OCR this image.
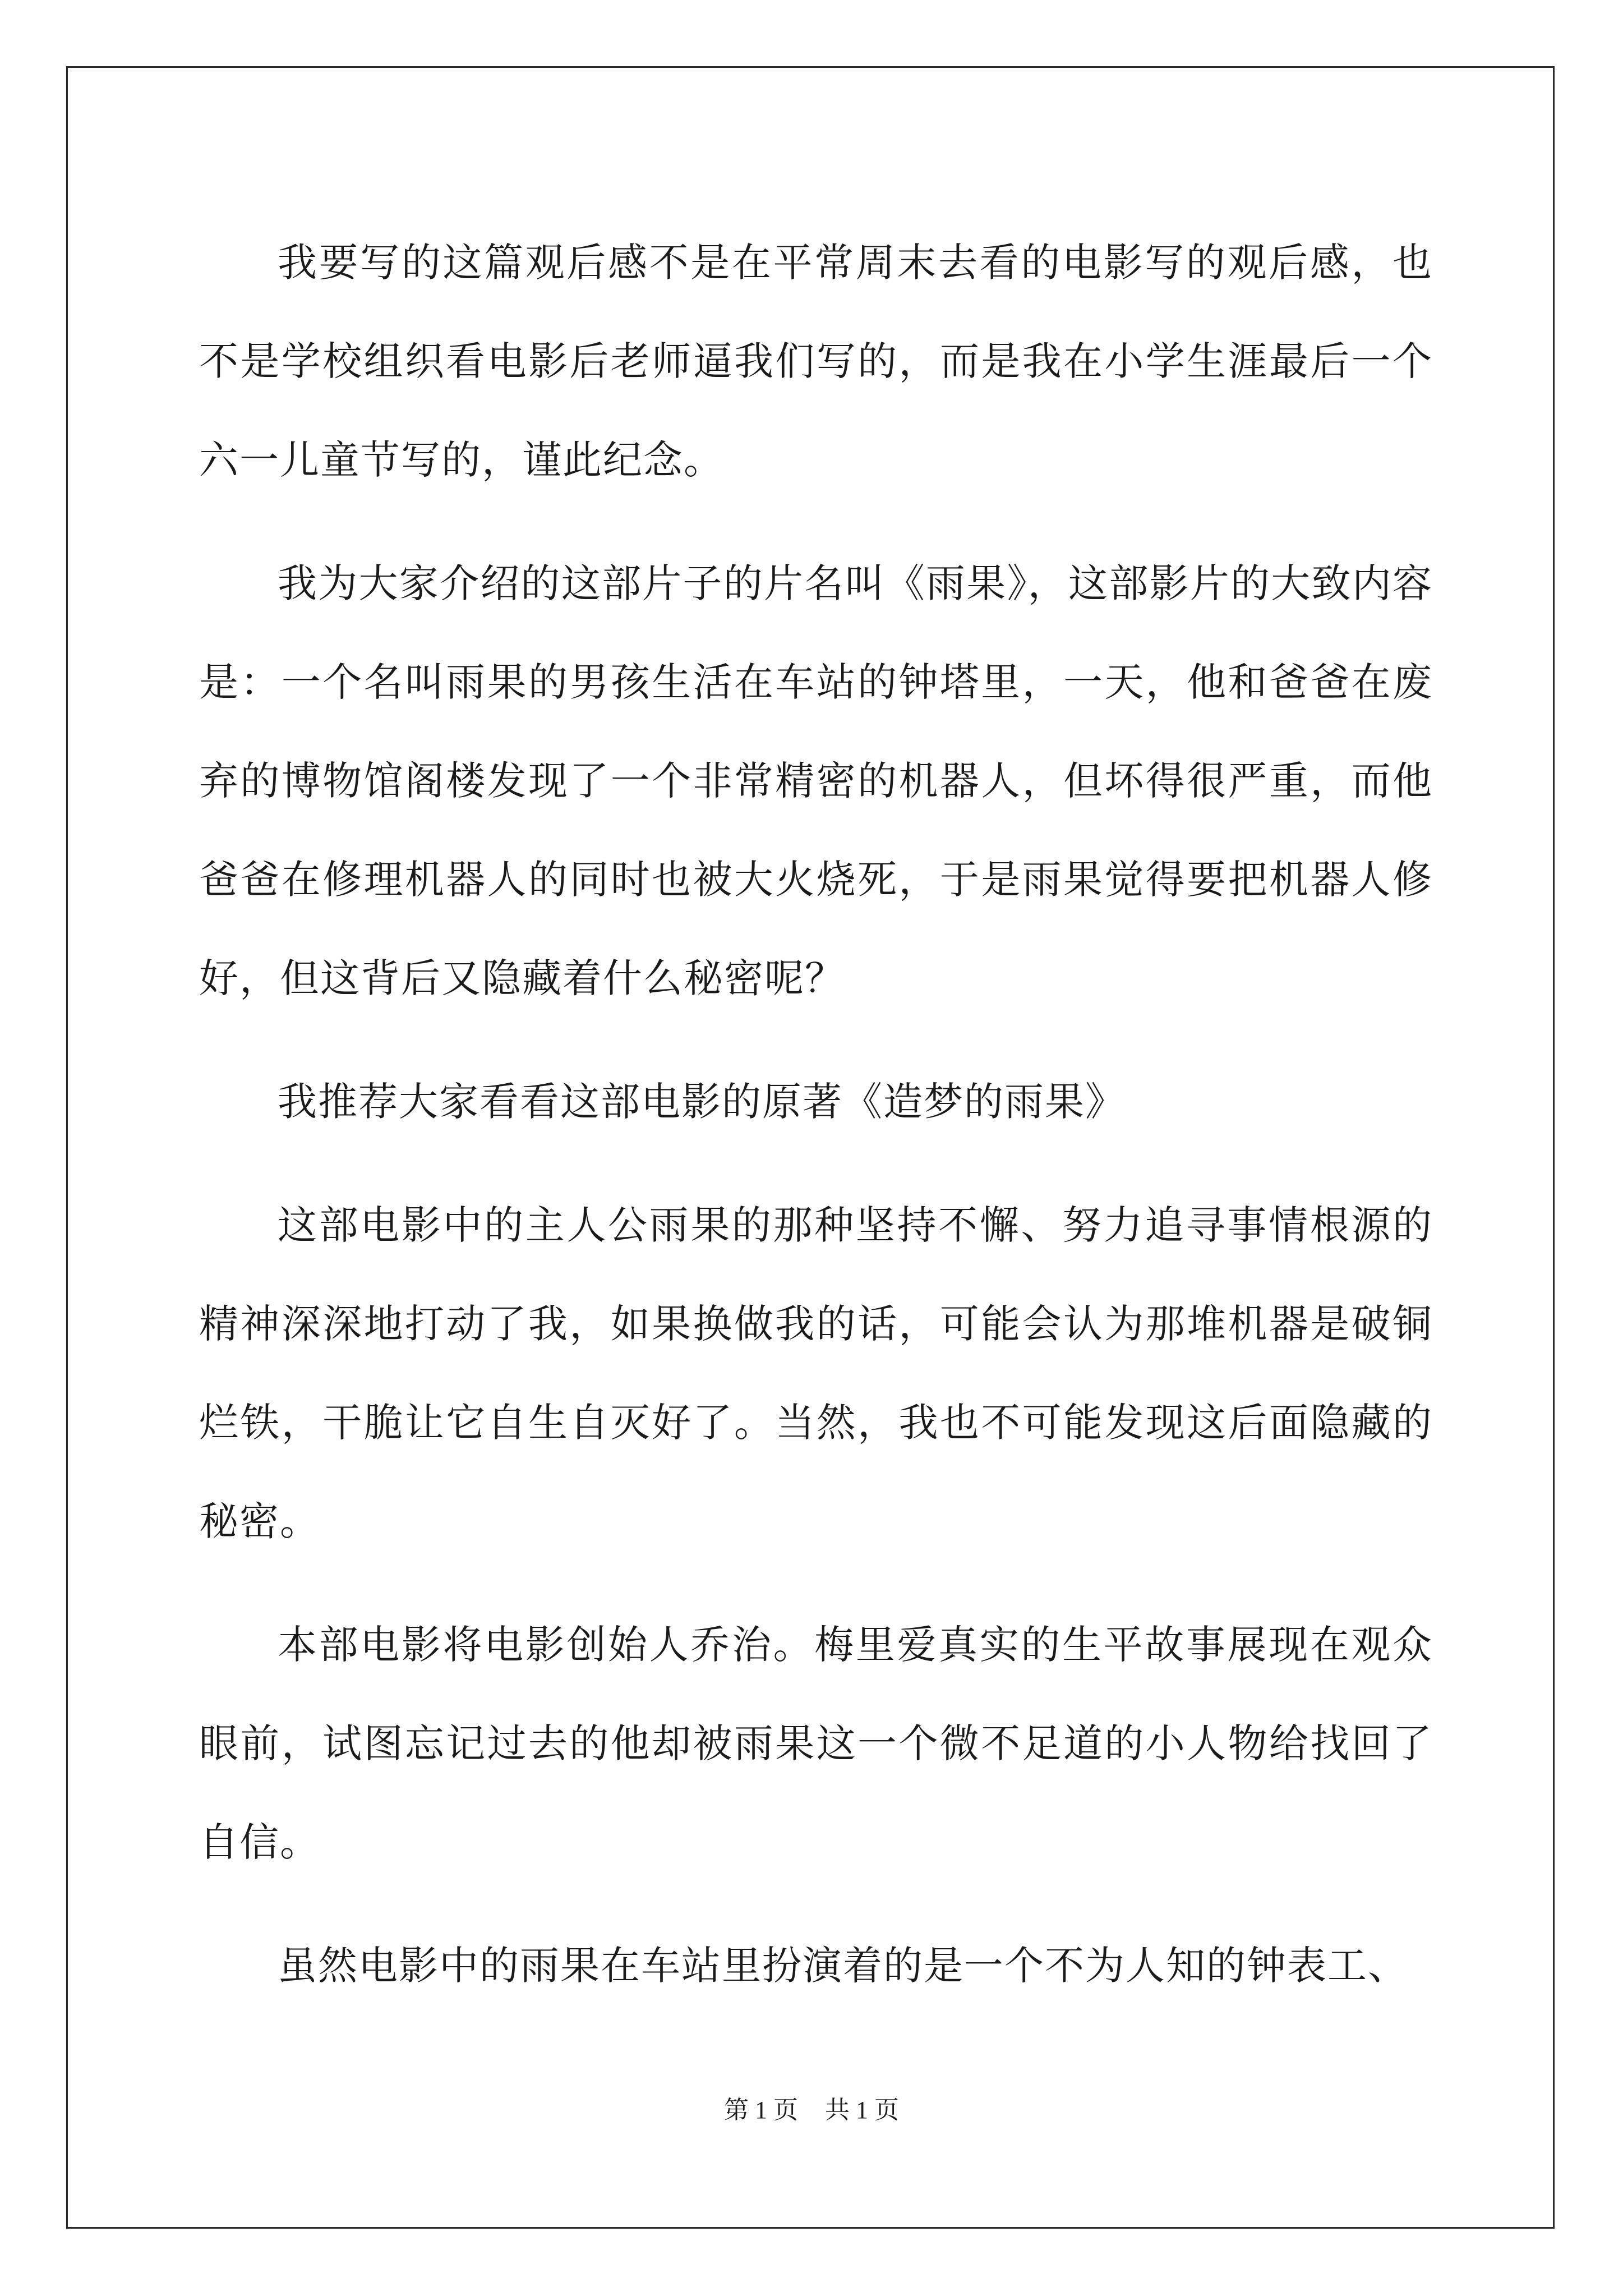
我要写的这篇观后感不是在平常周末去看的电影写的观后感，也不是学校组织看电影后老师逼我们写的，而是我在小学生涯最后一个六一儿童节写的，谨此纪念。

我为大家介绍的这部片子的片名叫《雨果》，这部影片的大致内容是：一个名叫雨果的男孩生活在车站的钟塔里，一天，他和爸爸在废弃的博物馆阁楼发现了一个非常精密的机器人，但坏得很严重，而他爸爸在修理机器人的同时也被大火烧死，于是雨果觉得要把机器人修好，但这背后又隐藏着什么秘密呢？

我推荐大家看看这部电影的原著《造梦的雨果》

这部电影中的主人公雨果的那种坚持不懈、努力追寻事情根源的精神深深地打动了我，如果换做我的话，可能会认为那堆机器是破铜烂铁，干脆让它自生自灭好了。当然，我也不可能发现这后面隐藏的秘密。

本部电影将电影创始人乔治。梅里爱真实的生平故事展现在观众眼前，试图忘记过去的他却被雨果这一个微不足道的小人物给找回了自信。

虽然电影中的雨果在车站里扮演着的是一个不为人知的钟表工、

第 1 页 共 1 页
